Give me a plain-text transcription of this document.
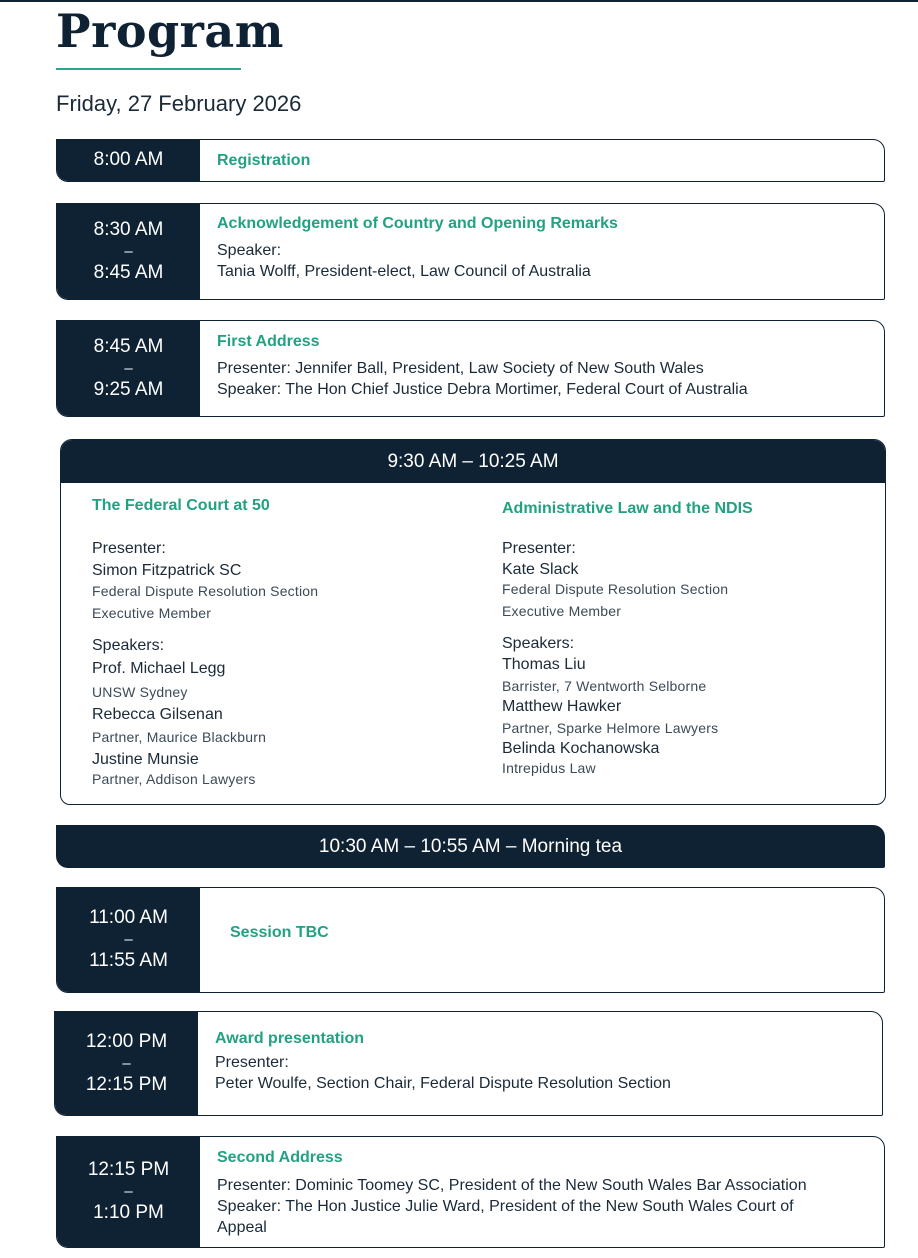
Program
Friday, 27 February 2026
8:00 AM	Registration
8:30 AM
–
8:45 AM
Acknowledgement of Country and Opening Remarks
Speaker:
Tania Wolff, President-elect, Law Council of Australia
8:45 AM
–
9:25 AM
First Address
Presenter: Jennifer Ball, President, Law Society of New South Wales
Speaker: The Hon Chief Justice Debra Mortimer, Federal Court of Australia
9:30 AM – 10:25 AM
The Federal Court at 50
Presenter:
Simon Fitzpatrick SC
Federal Dispute Resolution Section
Executive Member
Speakers:
Prof. Michael Legg
UNSW Sydney
Rebecca Gilsenan
Partner, Maurice Blackburn
Justine Munsie
Partner, Addison Lawyers
Administrative Law and the NDIS
Presenter:
Kate Slack
Federal Dispute Resolution Section
Executive Member
Speakers:
Thomas Liu
Barrister, 7 Wentworth Selborne
Matthew Hawker
Partner, Sparke Helmore Lawyers
Belinda Kochanowska
Intrepidus Law
10:30 AM – 10:55 AM – Morning tea
11:00 AM
–
11:55 AM
Session TBC
12:00 PM
–
12:15 PM
Award presentation
Presenter:
Peter Woulfe, Section Chair, Federal Dispute Resolution Section
12:15 PM
–
1:10 PM
Second Address
Presenter: Dominic Toomey SC, President of the New South Wales Bar Association
Speaker: The Hon Justice Julie Ward, President of the New South Wales Court of
Appeal
